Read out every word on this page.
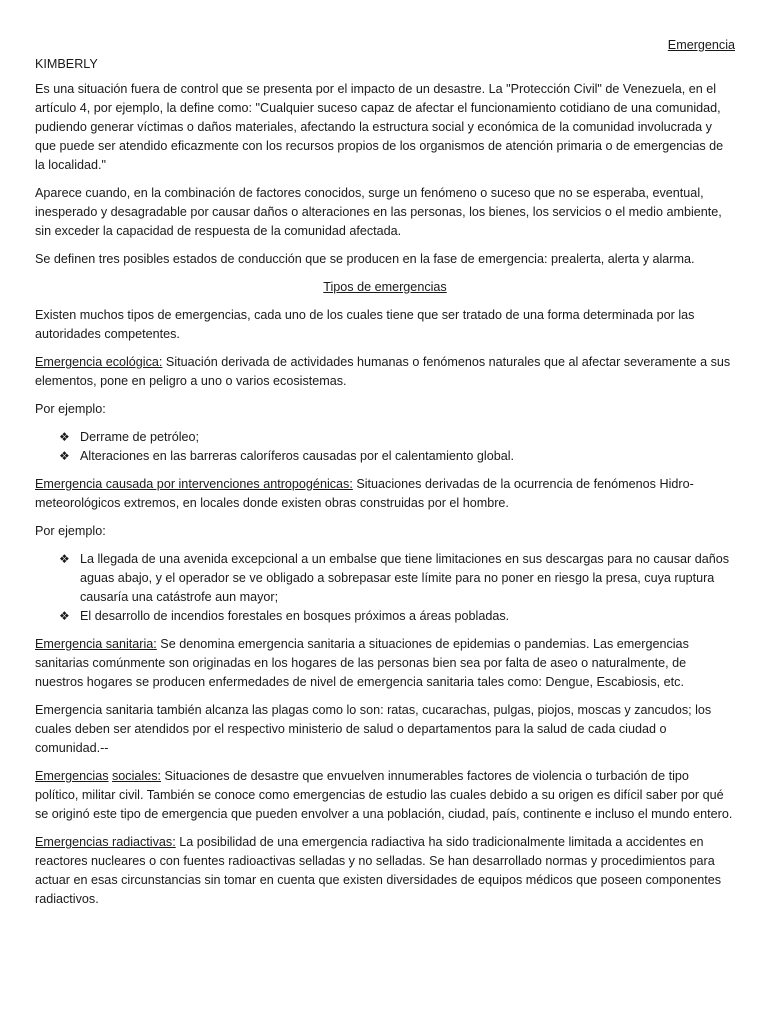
Emergencia
KIMBERLY

Es una situación fuera de control que se presenta por el impacto de un desastre. La "Protección Civil" de Venezuela, en el artículo 4, por ejemplo, la define como: "Cualquier suceso capaz de afectar el funcionamiento cotidiano de una comunidad, pudiendo generar víctimas o daños materiales, afectando la estructura social y económica de la comunidad involucrada y que puede ser atendido eficazmente con los recursos propios de los organismos de atención primaria o de emergencias de la localidad."

Aparece cuando, en la combinación de factores conocidos, surge un fenómeno o suceso que no se esperaba, eventual, inesperado y desagradable por causar daños o alteraciones en las personas, los bienes, los servicios o el medio ambiente, sin exceder la capacidad de respuesta de la comunidad afectada.

Se definen tres posibles estados de conducción que se producen en la fase de emergencia: prealerta, alerta y alarma.

Tipos de emergencias

Existen muchos tipos de emergencias, cada uno de los cuales tiene que ser tratado de una forma determinada por las autoridades competentes.

Emergencia ecológica: Situación derivada de actividades humanas o fenómenos naturales que al afectar severamente a sus elementos, pone en peligro a uno o varios ecosistemas.

Por ejemplo:

❖ Derrame de petróleo;
❖ Alteraciones en las barreras caloríferos causadas por el calentamiento global.

Emergencia causada por intervenciones antropogénicas: Situaciones derivadas de la ocurrencia de fenómenos Hidro-meteorológicos extremos, en locales donde existen obras construidas por el hombre.

Por ejemplo:

❖ La llegada de una avenida excepcional a un embalse que tiene limitaciones en sus descargas para no causar daños aguas abajo, y el operador se ve obligado a sobrepasar este límite para no poner en riesgo la presa, cuya ruptura causaría una catástrofe aun mayor;
❖ El desarrollo de incendios forestales en bosques próximos a áreas pobladas.

Emergencia sanitaria: Se denomina emergencia sanitaria a situaciones de epidemias o pandemias. Las emergencias sanitarias comúnmente son originadas en los hogares de las personas bien sea por falta de aseo o naturalmente, de nuestros hogares se producen enfermedades de nivel de emergencia sanitaria tales como: Dengue, Escabiosis, etc.

Emergencia sanitaria también alcanza las plagas como lo son: ratas, cucarachas, pulgas, piojos, moscas y zancudos; los cuales deben ser atendidos por el respectivo ministerio de salud o departamentos para la salud de cada ciudad o comunidad.--

Emergencias sociales: Situaciones de desastre que envuelven innumerables factores de violencia o turbación de tipo político, militar civil. También se conoce como emergencias de estudio las cuales debido a su origen es difícil saber por qué se originó este tipo de emergencia que pueden envolver a una población, ciudad, país, continente e incluso el mundo entero.

Emergencias radiactivas: La posibilidad de una emergencia radiactiva ha sido tradicionalmente limitada a accidentes en reactores nucleares o con fuentes radioactivas selladas y no selladas. Se han desarrollado normas y procedimientos para actuar en esas circunstancias sin tomar en cuenta que existen diversidades de equipos médicos que poseen componentes radiactivos.
